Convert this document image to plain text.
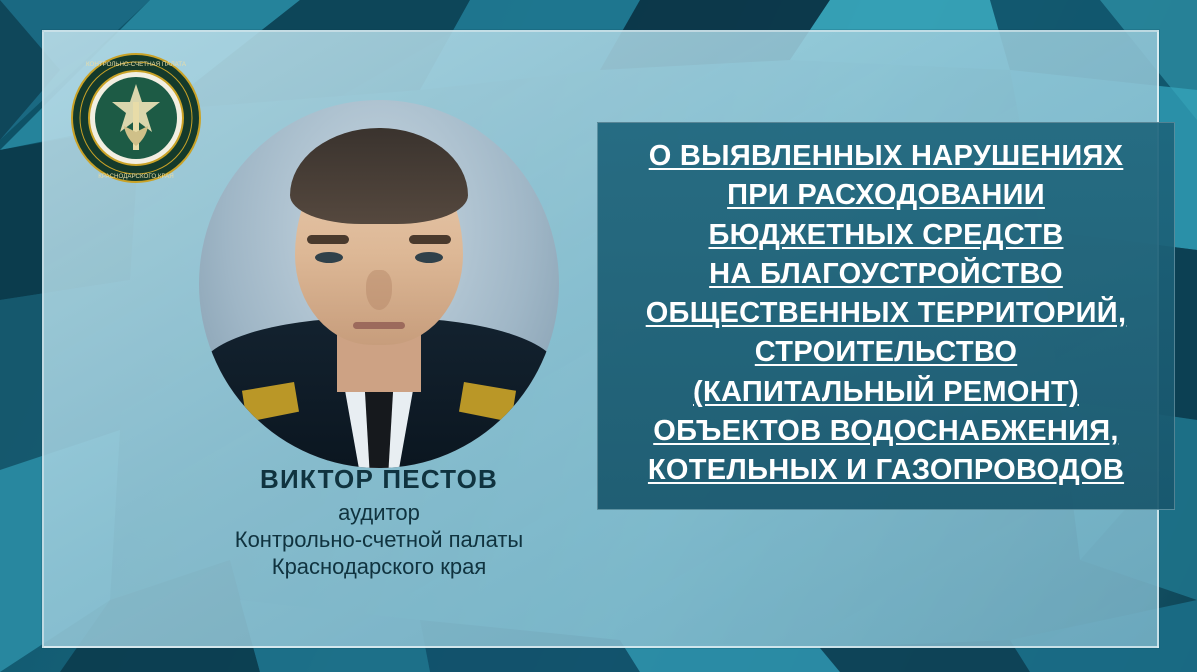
КОНТРОЛЬНО-СЧЕТНАЯ ПАЛАТА
КРАСНОДАРСКОГО КРАЯ
ВИКТОР ПЕСТОВ
аудитор
Контрольно-счетной палаты
Краснодарского края
О ВЫЯВЛЕННЫХ НАРУШЕНИЯХ
ПРИ РАСХОДОВАНИИ
БЮДЖЕТНЫХ СРЕДСТВ
НА БЛАГОУСТРОЙСТВО
ОБЩЕСТВЕННЫХ ТЕРРИТОРИЙ,
СТРОИТЕЛЬСТВО
(КАПИТАЛЬНЫЙ РЕМОНТ)
ОБЪЕКТОВ ВОДОСНАБЖЕНИЯ,
КОТЕЛЬНЫХ И ГАЗОПРОВОДОВ
